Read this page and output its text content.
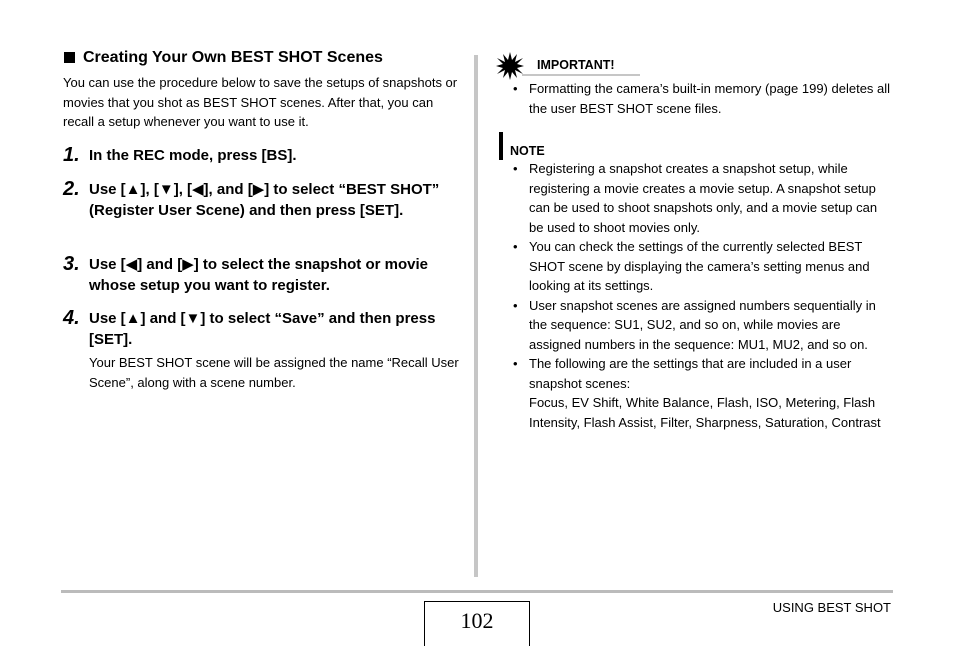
Creating Your Own BEST SHOT Scenes

You can use the procedure below to save the setups of snapshots or movies that you shot as BEST SHOT scenes. After that, you can recall a setup whenever you want to use it.

1. In the REC mode, press [BS].
2. Use [▲], [▼], [◀], and [▶] to select “BEST SHOT” (Register User Scene) and then press [SET].
3. Use [◀] and [▶] to select the snapshot or movie whose setup you want to register.
4. Use [▲] and [▼] to select “Save” and then press [SET].
Your BEST SHOT scene will be assigned the name “Recall User Scene”, along with a scene number.
IMPORTANT!
• Formatting the camera’s built-in memory (page 199) deletes all the user BEST SHOT scene files.
NOTE
• Registering a snapshot creates a snapshot setup, while registering a movie creates a movie setup. A snapshot setup can be used to shoot snapshots only, and a movie setup can be used to shoot movies only.
• You can check the settings of the currently selected BEST SHOT scene by displaying the camera’s setting menus and looking at its settings.
• User snapshot scenes are assigned numbers sequentially in the sequence: SU1, SU2, and so on, while movies are assigned numbers in the sequence: MU1, MU2, and so on.
• The following are the settings that are included in a user snapshot scenes:
Focus, EV Shift, White Balance, Flash, ISO, Metering, Flash Intensity, Flash Assist, Filter, Sharpness, Saturation, Contrast
102
USING BEST SHOT
